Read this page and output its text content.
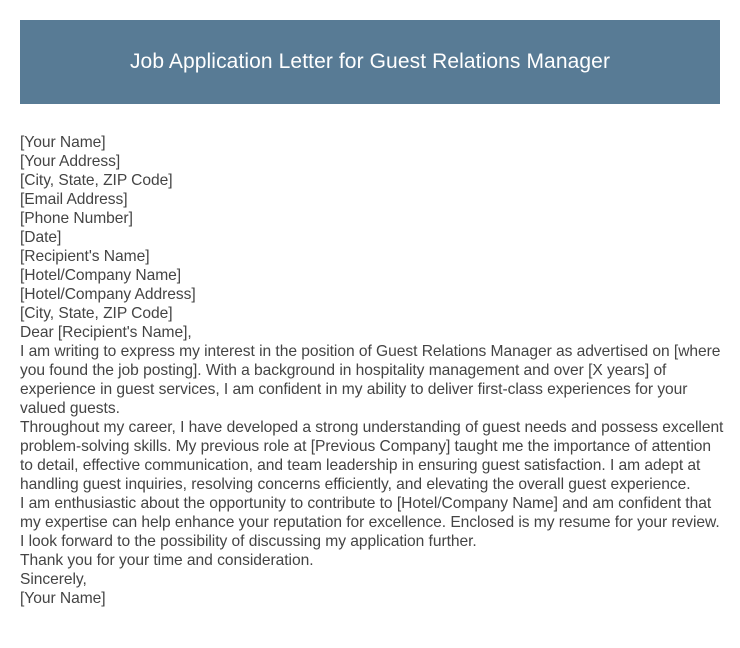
Job Application Letter for Guest Relations Manager

[Your Name]

[Your Address]

[City, State, ZIP Code]

[Email Address]

[Phone Number]

[Date]

[Recipient's Name]

[Hotel/Company Name]

[Hotel/Company Address]

[City, State, ZIP Code]

Dear [Recipient's Name],

I am writing to express my interest in the position of Guest Relations Manager as advertised on [where you found the job posting]. With a background in hospitality management and over [X years] of experience in guest services, I am confident in my ability to deliver first-class experiences for your valued guests.

Throughout my career, I have developed a strong understanding of guest needs and possess excellent problem-solving skills. My previous role at [Previous Company] taught me the importance of attention to detail, effective communication, and team leadership in ensuring guest satisfaction. I am adept at handling guest inquiries, resolving concerns efficiently, and elevating the overall guest experience.

I am enthusiastic about the opportunity to contribute to [Hotel/Company Name] and am confident that my expertise can help enhance your reputation for excellence. Enclosed is my resume for your review. I look forward to the possibility of discussing my application further.

Thank you for your time and consideration.

Sincerely,

[Your Name]
